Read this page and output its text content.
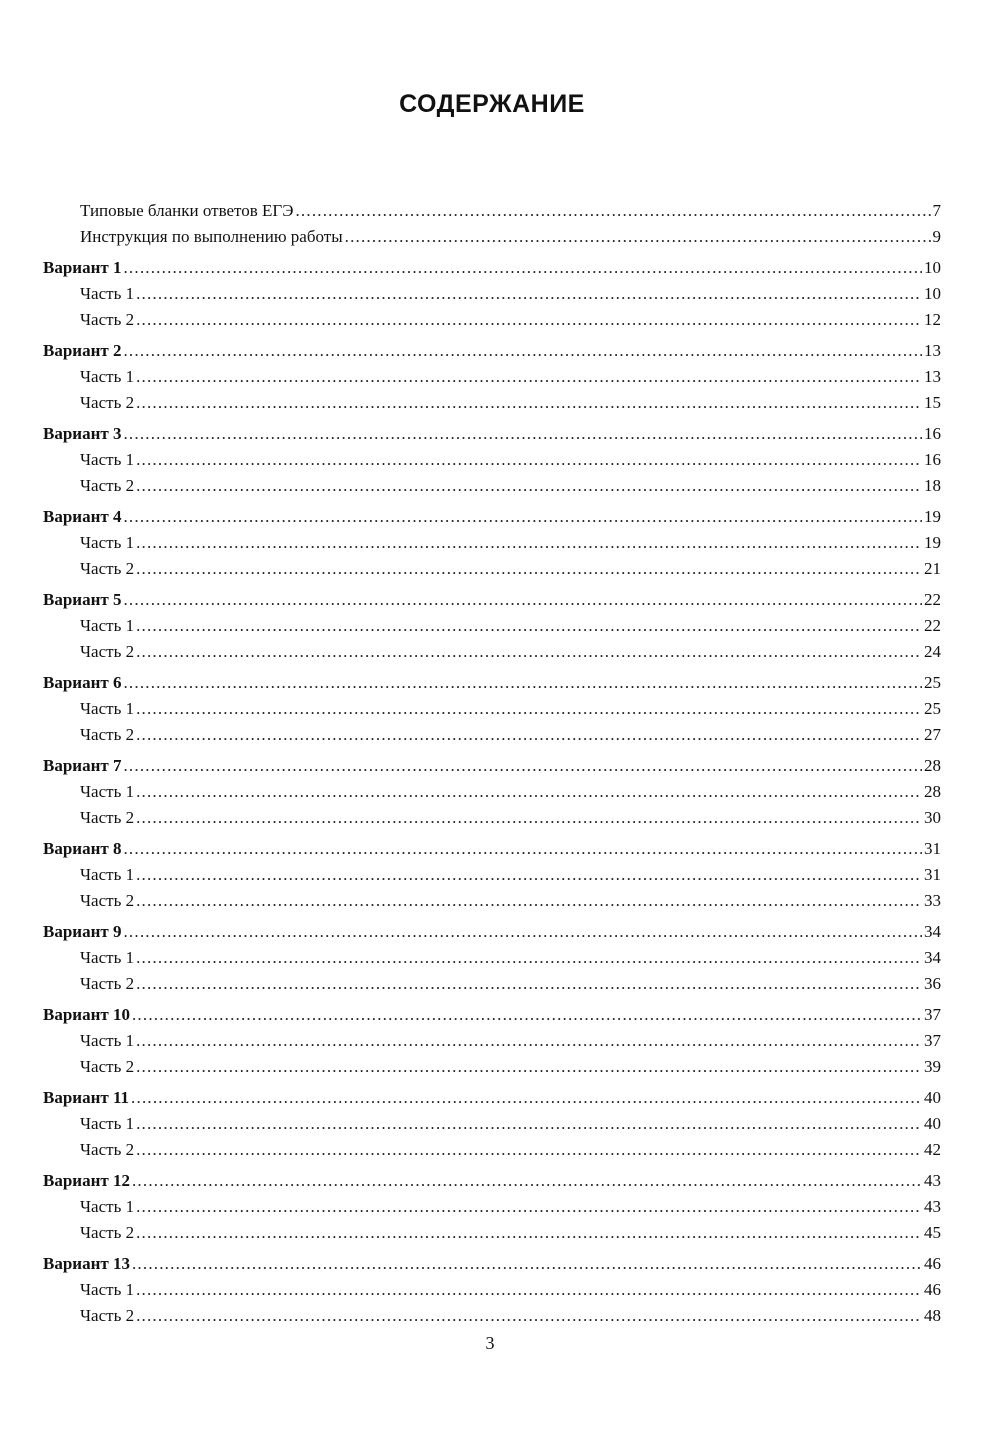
СОДЕРЖАНИЕ
Типовые бланки ответов ЕГЭ .....	7
Инструкция по выполнению работы .....	9
Вариант 1 .....	10
Часть 1 .....	10
Часть 2 .....	12
Вариант 2 .....	13
Часть 1 .....	13
Часть 2 .....	15
Вариант 3 .....	16
Часть 1 .....	16
Часть 2 .....	18
Вариант 4 .....	19
Часть 1 .....	19
Часть 2 .....	21
Вариант 5 .....	22
Часть 1 .....	22
Часть 2 .....	24
Вариант 6 .....	25
Часть 1 .....	25
Часть 2 .....	27
Вариант 7 .....	28
Часть 1 .....	28
Часть 2 .....	30
Вариант 8 .....	31
Часть 1 .....	31
Часть 2 .....	33
Вариант 9 .....	34
Часть 1 .....	34
Часть 2 .....	36
Вариант 10 .....	37
Часть 1 .....	37
Часть 2 .....	39
Вариант 11 .....	40
Часть 1 .....	40
Часть 2 .....	42
Вариант 12 .....	43
Часть 1 .....	43
Часть 2 .....	45
Вариант 13 .....	46
Часть 1 .....	46
Часть 2 .....	48
3
